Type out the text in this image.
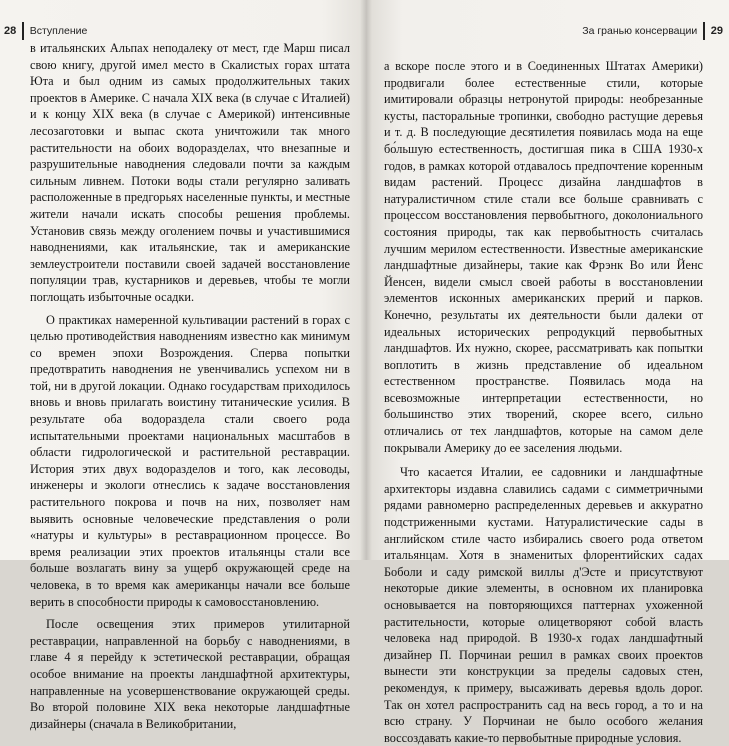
28 Вступление

в итальянских Альпах неподалеку от мест, где Марш писал свою книгу, другой имел место в Скалистых горах штата Юта и был одним из самых продолжительных таких проектов в Америке. С начала XIX века (в случае с Италией) и к концу XIX века (в случае с Америкой) интенсивные лесозаготовки и выпас скота уничтожили так много растительности на обоих водоразделах, что внезапные и разрушительные наводнения следовали почти за каждым сильным ливнем. Потоки воды стали регулярно заливать расположенные в предгорьях населенные пункты, и местные жители начали искать способы решения проблемы. Установив связь между оголением почвы и участившимися наводнениями, как итальянские, так и американские землеустроители поставили своей задачей восстановление популяции трав, кустарников и деревьев, чтобы те могли поглощать избыточные осадки.

О практиках намеренной культивации растений в горах с целью противодействия наводнениям известно как минимум со времен эпохи Возрождения. Сперва попытки предотвратить наводнения не увенчивались успехом ни в той, ни в другой локации. Однако государствам приходилось вновь и вновь прилагать воистину титанические усилия. В результате оба водораздела стали своего рода испытательными проектами национальных масштабов в области гидрологической и растительной реставрации. История этих двух водоразделов и того, как лесоводы, инженеры и экологи отнеслись к задаче восстановления растительного покрова и почв на них, позволяет нам выявить основные человеческие представления о роли «натуры и культуры» в реставрационном процессе. Во время реализации этих проектов итальянцы стали все больше возлагать вину за ущерб окружающей среде на человека, в то время как американцы начали все больше верить в способности природы к самовосстановлению.

После освещения этих примеров утилитарной реставрации, направленной на борьбу с наводнениями, в главе 4 я перейду к эстетической реставрации, обращая особое внимание на проекты ландшафтной архитектуры, направленные на усовершенствование окружающей среды. Во второй половине XIX века некоторые ландшафтные дизайнеры (сначала в Великобритании,

За гранью консервации 29

а вскоре после этого и в Соединенных Штатах Америки) продвигали более естественные стили, которые имитировали образцы нетронутой природы: необрезанные кусты, пасторальные тропинки, свободно растущие деревья и т. д. В последующие десятилетия появилась мода на еще бо́льшую естественность, достигшая пика в США 1930-х годов, в рамках которой отдавалось предпочтение коренным видам растений. Процесс дизайна ландшафтов в натуралистичном стиле стали все больше сравнивать с процессом восстановления первобытного, доколониального состояния природы, так как первобытность считалась лучшим мерилом естественности. Известные американские ландшафтные дизайнеры, такие как Фрэнк Во или Йенс Йенсен, видели смысл своей работы в восстановлении элементов исконных американских прерий и парков. Конечно, результаты их деятельности были далеки от идеальных исторических репродукций первобытных ландшафтов. Их нужно, скорее, рассматривать как попытки воплотить в жизнь представление об идеальном естественном пространстве. Появилась мода на всевозможные интерпретации естественности, но большинство этих творений, скорее всего, сильно отличались от тех ландшафтов, которые на самом деле покрывали Америку до ее заселения людьми.

Что касается Италии, ее садовники и ландшафтные архитекторы издавна славились садами с симметричными рядами равномерно распределенных деревьев и аккуратно подстриженными кустами. Натуралистические сады в английском стиле часто избирались своего рода ответом итальянцам. Хотя в знаменитых флорентийских садах Боболи и саду римской виллы д'Эсте и присутствуют некоторые дикие элементы, в основном их планировка основывается на повторяющихся паттернах ухоженной растительности, которые олицетворяют собой власть человека над природой. В 1930-х годах ландшафтный дизайнер П. Порчинаи решил в рамках своих проектов вынести эти конструкции за пределы садовых стен, рекомендуя, к примеру, высаживать деревья вдоль дорог. Так он хотел распространить сад на весь город, а то и на всю страну. У Порчинаи не было особого желания воссоздавать какие-то первобытные природные условия.
